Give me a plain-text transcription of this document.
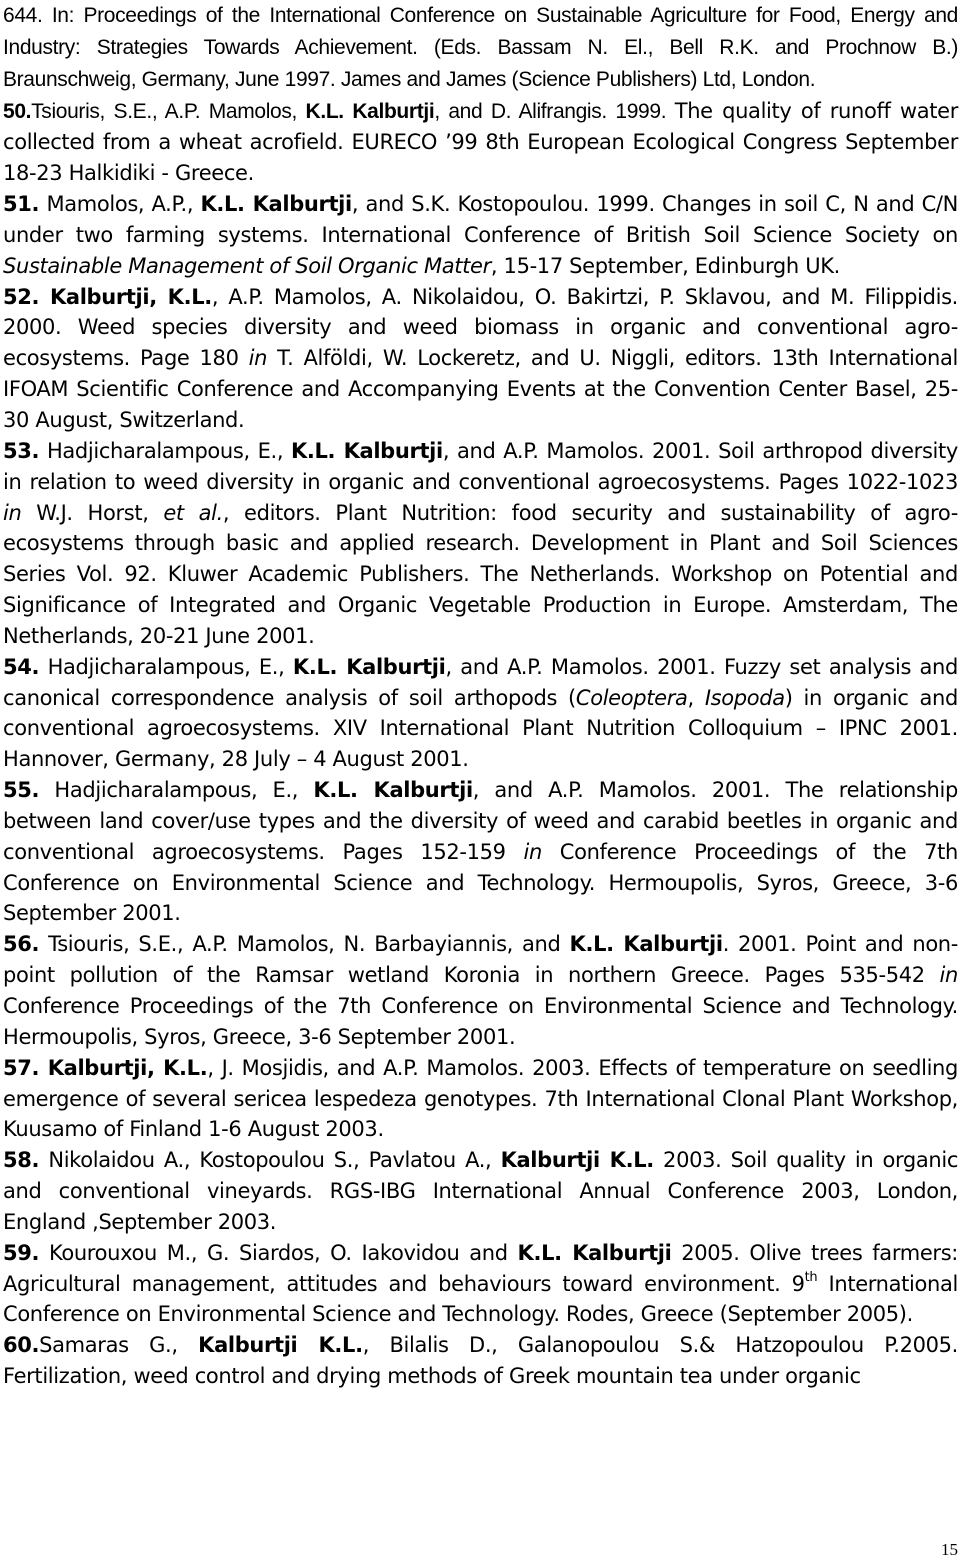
644. In: Proceedings of the International Conference on Sustainable Agriculture for Food, Energy and Industry: Strategies Towards Achievement. (Eds. Bassam N. El., Bell R.K. and Prochnow B.) Braunschweig, Germany, June 1997. James and James (Science Publishers) Ltd, London.

50.Tsiouris, S.E., A.P. Mamolos, K.L. Kalburtji, and D. Alifrangis. 1999. The quality of runoff water collected from a wheat acrofield. EURECO ’99 8th European Ecological Congress September 18-23 Halkidiki - Greece.

51. Mamolos, A.P., K.L. Kalburtji, and S.K. Kostopoulou. 1999. Changes in soil C, N and C/N under two farming systems. International Conference of British Soil Science Society on Sustainable Management of Soil Organic Matter, 15-17 September, Edinburgh UK.

52. Kalburtji, K.L., A.P. Mamolos, A. Nikolaidou, O. Bakirtzi, P. Sklavou, and M. Filippidis. 2000. Weed species diversity and weed biomass in organic and conventional agro-ecosystems. Page 180 in T. Alföldi, W. Lockeretz, and U. Niggli, editors. 13th International IFOAM Scientific Conference and Accompanying Events at the Convention Center Basel, 25-30 August, Switzerland.

53. Hadjicharalampous, E., K.L. Kalburtji, and A.P. Mamolos. 2001. Soil arthropod diversity in relation to weed diversity in organic and conventional agroecosystems. Pages 1022-1023 in W.J. Horst, et al., editors. Plant Nutrition: food security and sustainability of agro-ecosystems through basic and applied research. Development in Plant and Soil Sciences Series Vol. 92. Kluwer Academic Publishers. The Netherlands. Workshop on Potential and Significance of Integrated and Organic Vegetable Production in Europe. Amsterdam, The Netherlands, 20-21 June 2001.

54. Hadjicharalampous, E., K.L. Kalburtji, and A.P. Mamolos. 2001. Fuzzy set analysis and canonical correspondence analysis of soil arthopods (Coleoptera, Isopoda) in organic and conventional agroecosystems. XIV International Plant Nutrition Colloquium – IPNC 2001. Hannover, Germany, 28 July – 4 August 2001.

55. Hadjicharalampous, E., K.L. Kalburtji, and A.P. Mamolos. 2001. The relationship between land cover/use types and the diversity of weed and carabid beetles in organic and conventional agroecosystems. Pages 152-159 in Conference Proceedings of the 7th Conference on Environmental Science and Technology. Hermoupolis, Syros, Greece, 3-6 September 2001.

56. Tsiouris, S.E., A.P. Mamolos, N. Barbayiannis, and K.L. Kalburtji. 2001. Point and non-point pollution of the Ramsar wetland Koronia in northern Greece. Pages 535-542 in Conference Proceedings of the 7th Conference on Environmental Science and Technology. Hermoupolis, Syros, Greece, 3-6 September 2001.

57. Kalburtji, K.L., J. Mosjidis, and A.P. Mamolos. 2003. Effects of temperature on seedling emergence of several sericea lespedeza genotypes. 7th International Clonal Plant Workshop, Kuusamo of Finland 1-6 August 2003.

58. Nikolaidou A., Kostopoulou S., Pavlatou A., Kalburtji K.L. 2003. Soil quality in organic and conventional vineyards. RGS-IBG International Annual Conference 2003, London, England ,September 2003.

59. Kourouxou M., G. Siardos, O. Iakovidou and K.L. Kalburtji 2005. Olive trees farmers: Agricultural management, attitudes and behaviours toward environment. 9th International Conference on Environmental Science and Technology. Rodes, Greece (September 2005).

60.Samaras G., Kalburtji K.L., Bilalis D., Galanopoulou S.& Hatzopoulou P.2005. Fertilization, weed control and drying methods of Greek mountain tea under organic

15
